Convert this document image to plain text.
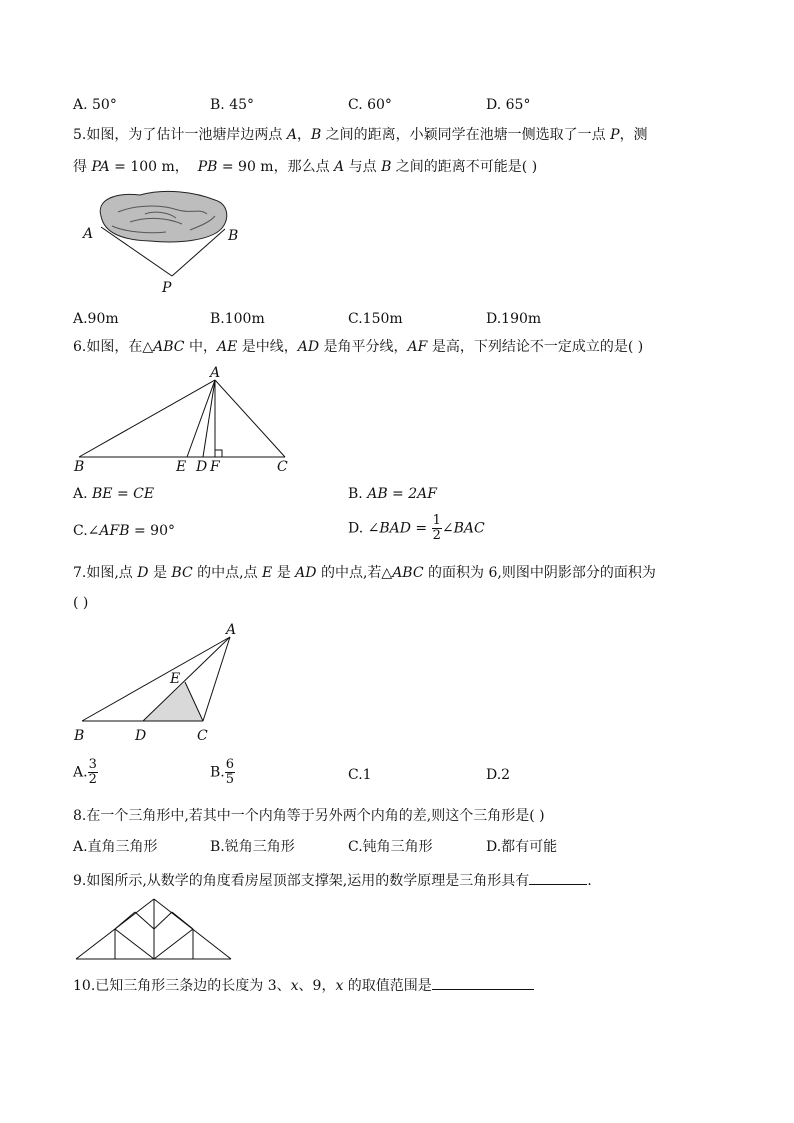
A. 50°	B. 45°	C. 60°	D. 65°
5.如图，为了估计一池塘岸边两点 A，B 之间的距离，小颖同学在池塘一侧选取了一点 P，测
得 PA = 100 m， PB = 90 m，那么点 A 与点 B 之间的距离不可能是( )
A	B
P
A.90m	B.100m	C.150m	D.190m
6.如图，在△ABC 中，AE 是中线，AD 是角平分线，AF 是高，下列结论不一定成立的是( )
A
B	E D F	C
A. BE = CE	B. AB = 2AF
C.∠AFB = 90°	D. ∠BAD = $\frac{1}{2}$ ∠BAC
7.如图,点 D 是 BC 的中点,点 E 是 AD 的中点,若△ABC 的面积为 6,则图中阴影部分的面积为
( )
A
E
B	D	C
A. $\frac{3}{2}$	B. $\frac{6}{5}$	C.1	D.2
8.在一个三角形中,若其中一个内角等于另外两个内角的差,则这个三角形是( )
A.直角三角形	B.锐角三角形	C.钝角三角形	D.都有可能
9.如图所示,从数学的角度看房屋顶部支撑架,运用的数学原理是三角形具有	.
10.已知三角形三条边的长度为 3、x、9，x 的取值范围是
